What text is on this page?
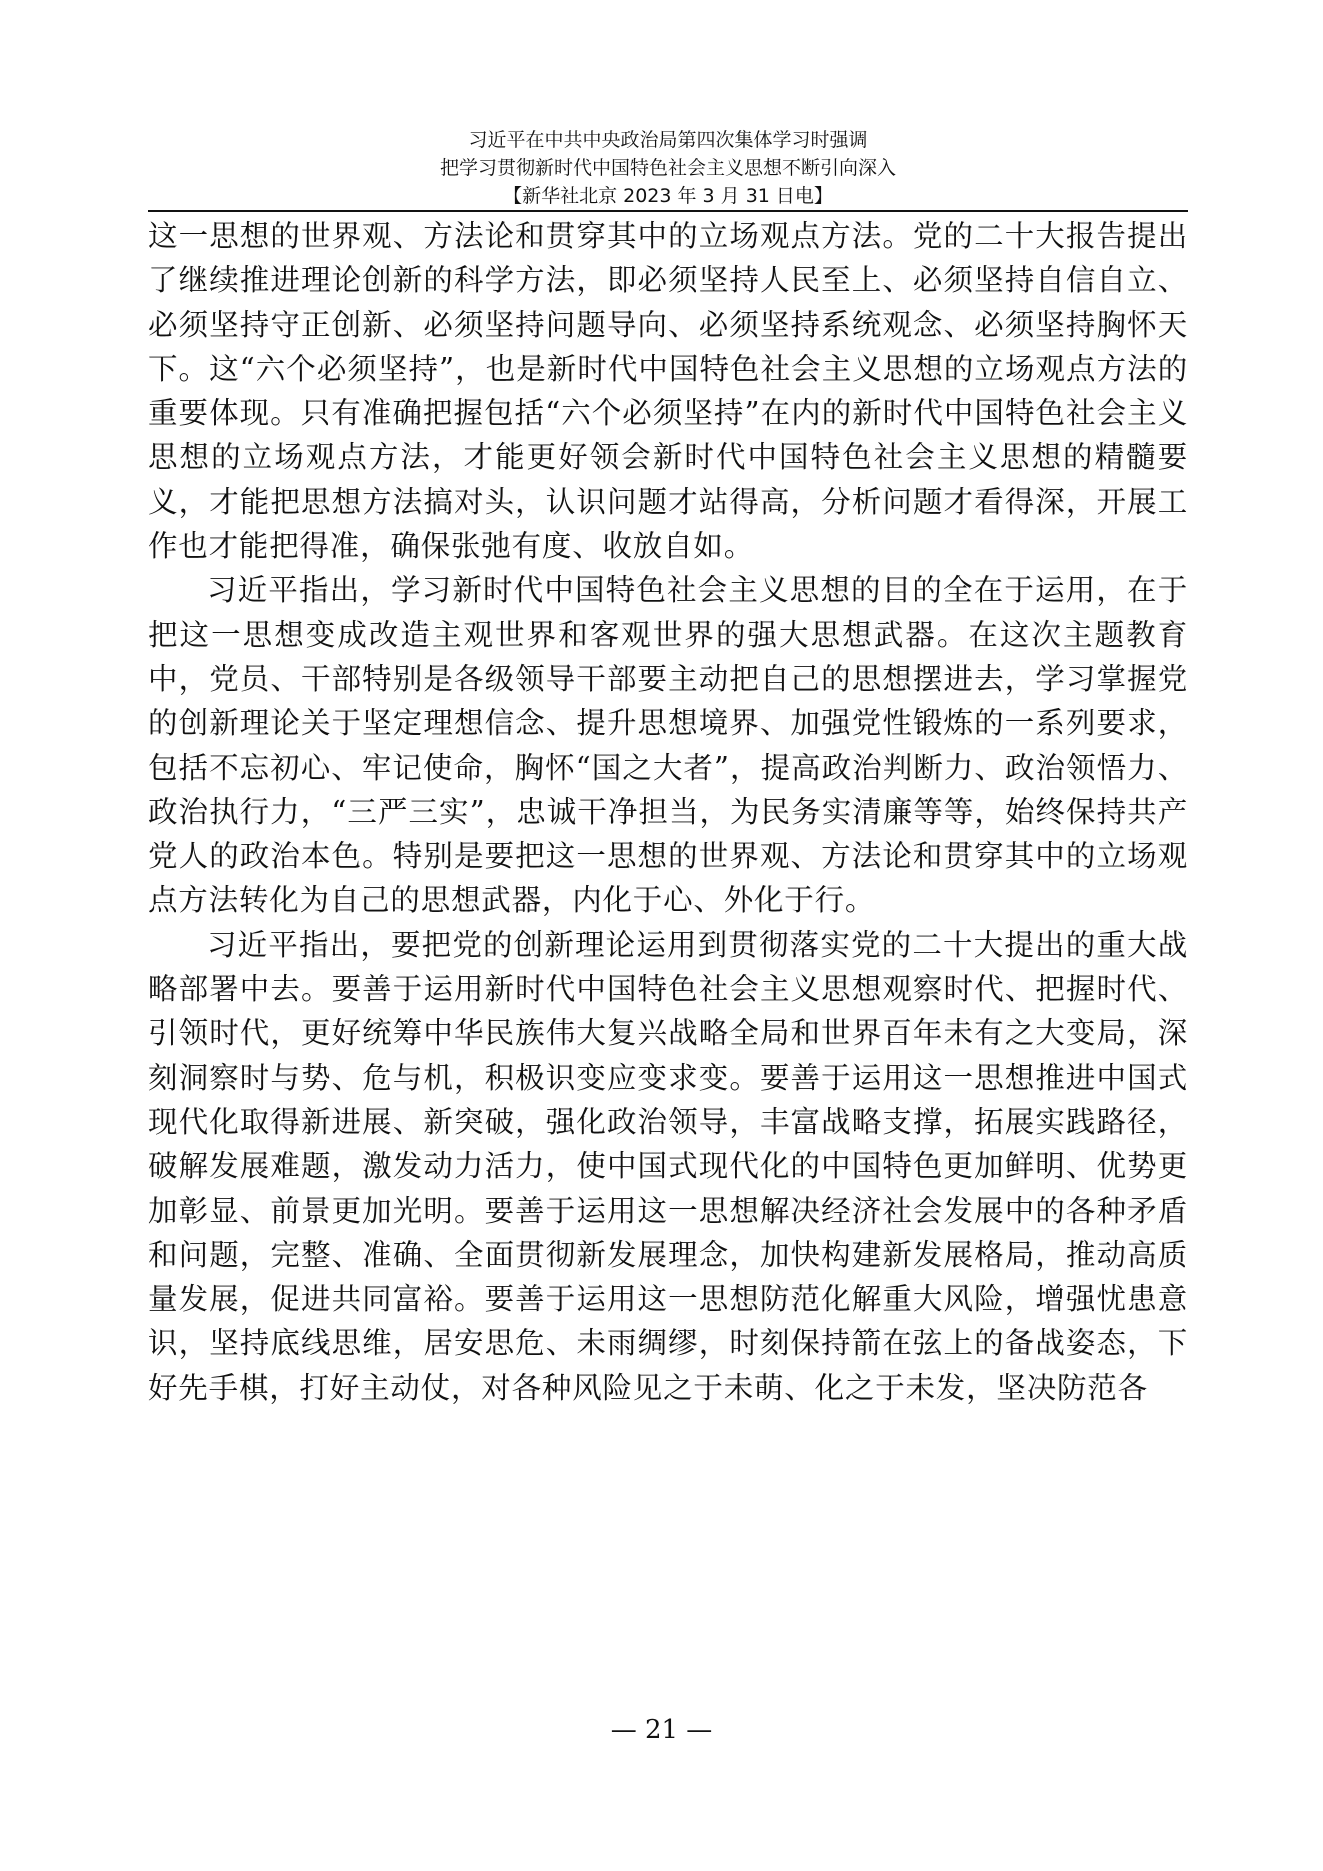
习近平在中共中央政治局第四次集体学习时强调
把学习贯彻新时代中国特色社会主义思想不断引向深入
【新华社北京 2023 年 3 月 31 日电】

这一思想的世界观、方法论和贯穿其中的立场观点方法。党的二十大报告提出了继续推进理论创新的科学方法，即必须坚持人民至上、必须坚持自信自立、必须坚持守正创新、必须坚持问题导向、必须坚持系统观念、必须坚持胸怀天下。这“六个必须坚持”，也是新时代中国特色社会主义思想的立场观点方法的重要体现。只有准确把握包括“六个必须坚持”在内的新时代中国特色社会主义思想的立场观点方法，才能更好领会新时代中国特色社会主义思想的精髓要义，才能把思想方法搞对头，认识问题才站得高，分析问题才看得深，开展工作也才能把得准，确保张弛有度、收放自如。

习近平指出，学习新时代中国特色社会主义思想的目的全在于运用，在于把这一思想变成改造主观世界和客观世界的强大思想武器。在这次主题教育中，党员、干部特别是各级领导干部要主动把自己的思想摆进去，学习掌握党的创新理论关于坚定理想信念、提升思想境界、加强党性锻炼的一系列要求，包括不忘初心、牢记使命，胸怀“国之大者”，提高政治判断力、政治领悟力、政治执行力，“三严三实”，忠诚干净担当，为民务实清廉等等，始终保持共产党人的政治本色。特别是要把这一思想的世界观、方法论和贯穿其中的立场观点方法转化为自己的思想武器，内化于心、外化于行。

习近平指出，要把党的创新理论运用到贯彻落实党的二十大提出的重大战略部署中去。要善于运用新时代中国特色社会主义思想观察时代、把握时代、引领时代，更好统筹中华民族伟大复兴战略全局和世界百年未有之大变局，深刻洞察时与势、危与机，积极识变应变求变。要善于运用这一思想推进中国式现代化取得新进展、新突破，强化政治领导，丰富战略支撑，拓展实践路径，破解发展难题，激发动力活力，使中国式现代化的中国特色更加鲜明、优势更加彰显、前景更加光明。要善于运用这一思想解决经济社会发展中的各种矛盾和问题，完整、准确、全面贯彻新发展理念，加快构建新发展格局，推动高质量发展，促进共同富裕。要善于运用这一思想防范化解重大风险，增强忧患意识，坚持底线思维，居安思危、未雨绸缪，时刻保持箭在弦上的备战姿态，下好先手棋，打好主动仗，对各种风险见之于未萌、化之于未发，坚决防范各

— 21 —
